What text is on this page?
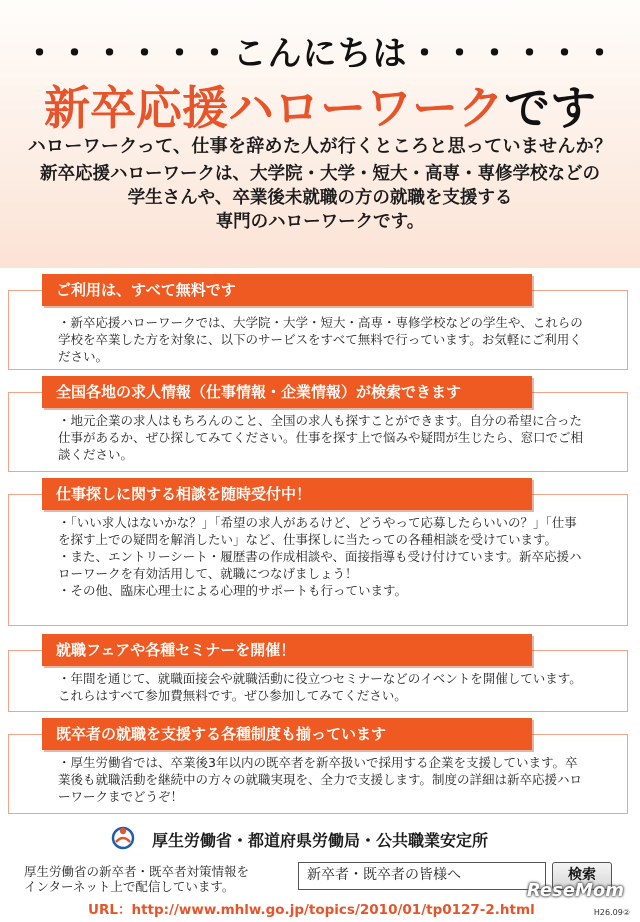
・・・・・・こんにちは・・・・・・
新卒応援ハローワークです
ハローワークって、仕事を辞めた人が行くところと思っていませんか？
新卒応援ハローワークは、大学院・大学・短大・高専・専修学校などの
学生さんや、卒業後未就職の方の就職を支援する
専門のハローワークです。
ご利用は、すべて無料です
・新卒応援ハローワークでは、大学院・大学・短大・高専・専修学校などの学生や、これらの学校を卒業した方を対象に、以下のサービスをすべて無料で行っています。お気軽にご利用ください。
全国各地の求人情報（仕事情報・企業情報）が検索できます
・地元企業の求人はもちろんのこと、全国の求人も探すことができます。自分の希望に合った仕事があるか、ぜひ探してみてください。仕事を探す上で悩みや疑問が生じたら、窓口でご相談ください。
仕事探しに関する相談を随時受付中！
・「いい求人はないかな？」「希望の求人があるけど、どうやって応募したらいいの？」「仕事を探す上での疑問を解消したい」など、仕事探しに当たっての各種相談を受けています。
・また、エントリーシート・履歴書の作成相談や、面接指導も受け付けています。新卒応援ハローワークを有効活用して、就職につなげましょう！
・その他、臨床心理士による心理的サポートも行っています。
就職フェアや各種セミナーを開催！
・年間を通じて、就職面接会や就職活動に役立つセミナーなどのイベントを開催しています。これらはすべて参加費無料です。ぜひ参加してみてください。
既卒者の就職を支援する各種制度も揃っています
・厚生労働省では、卒業後3年以内の既卒者を新卒扱いで採用する企業を支援しています。卒業後も就職活動を継続中の方々の就職実現を、全力で支援します。制度の詳細は新卒応援ハローワークまでどうぞ！
厚生労働省・都道府県労働局・公共職業安定所
厚生労働省の新卒者・既卒者対策情報を
インターネット上で配信しています。
新卒者・既卒者の皆様へ	検索
URL：http://www.mhlw.go.jp/topics/2010/01/tp0127-2.html
ReseMom
H26.09②
